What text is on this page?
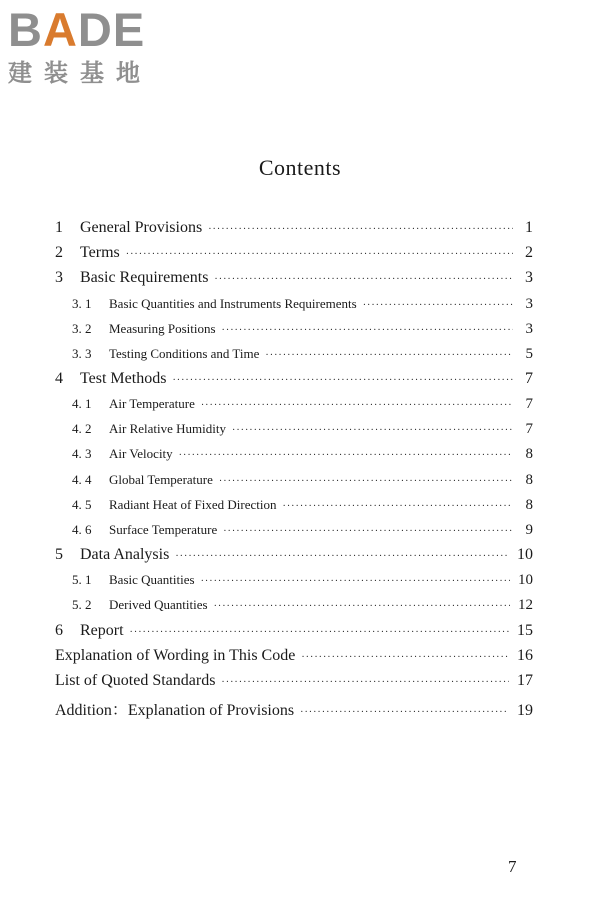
BADE
建装基地
Contents
1	General Provisions ·····	1
2	Terms ·····	2
3	Basic Requirements ·····	3
3. 1	Basic Quantities and Instruments Requirements ·····	3
3. 2	Measuring Positions ·····	3
3. 3	Testing Conditions and Time ·····	5
4	Test Methods ·····	7
4. 1	Air Temperature ·····	7
4. 2	Air Relative Humidity ·····	7
4. 3	Air Velocity ·····	8
4. 4	Global Temperature ·····	8
4. 5	Radiant Heat of Fixed Direction ·····	8
4. 6	Surface Temperature ·····	9
5	Data Analysis ·····	10
5. 1	Basic Quantities ·····	10
5. 2	Derived Quantities ·····	12
6	Report ·····	15
Explanation of Wording in This Code ·····	16
List of Quoted Standards ·····	17
Addition：Explanation of Provisions ·····	19
7
